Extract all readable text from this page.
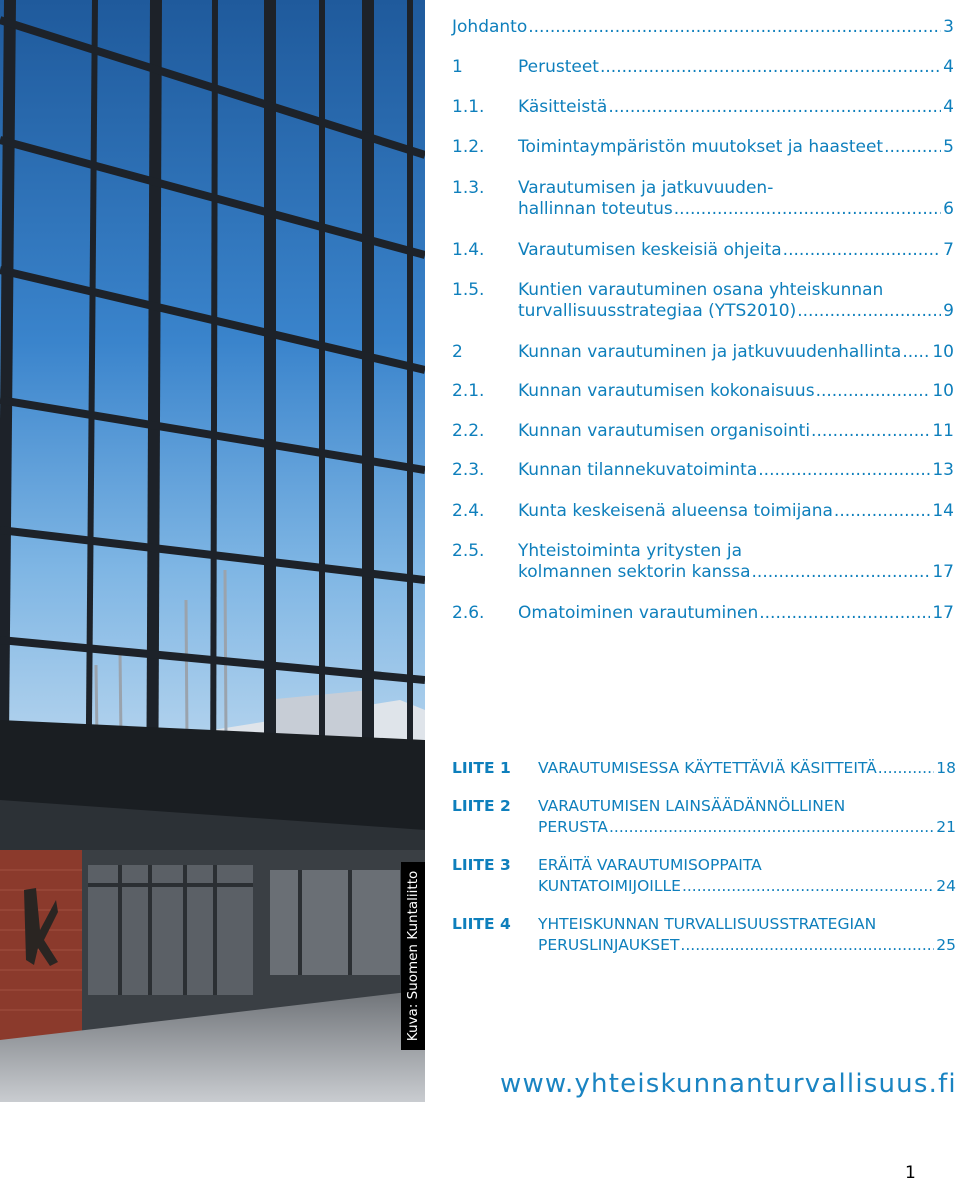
Kuva: Suomen Kuntaliitto
Johdanto .....	3
1	Perusteet .....	4
1.1. Käsitteistä .....	4
1.2. Toimintaympäristön muutokset ja haasteet .....	5
1.3. Varautumisen ja jatkuvuuden-
hallinnan toteutus .....	6
1.4. Varautumisen keskeisiä ohjeita .....	7
1.5. Kuntien varautuminen osana yhteiskunnan
turvallisuusstrategiaa (YTS2010) .....	9
2	Kunnan varautuminen ja jatkuvuudenhallinta ..... 10
2.1. Kunnan varautumisen kokonaisuus .....	10
2.2. Kunnan varautumisen organisointi .....	11
2.3. Kunnan tilannekuvatoiminta .....	13
2.4. Kunta keskeisenä alueensa toimijana .....	14
2.5. Yhteistoiminta yritysten ja
kolmannen sektorin kanssa .....	17
2.6. Omatoiminen varautuminen .....	17
LIITE 1 VARAUTUMISESSA KÄYTETTÄVIÄ KÄSITTEITÄ .....	18
LIITE 2 VARAUTUMISEN LAINSÄÄDÄNNÖLLINEN
PERUSTA .....	21
LIITE 3 ERÄITÄ VARAUTUMISOPPAITA
KUNTATOIMIJOILLE .....	24
LIITE 4 YHTEISKUNNAN TURVALLISUUSSTRATEGIAN
PERUSLINJAUKSET .....	25
www.yhteiskunnanturvallisuus.fi
1
